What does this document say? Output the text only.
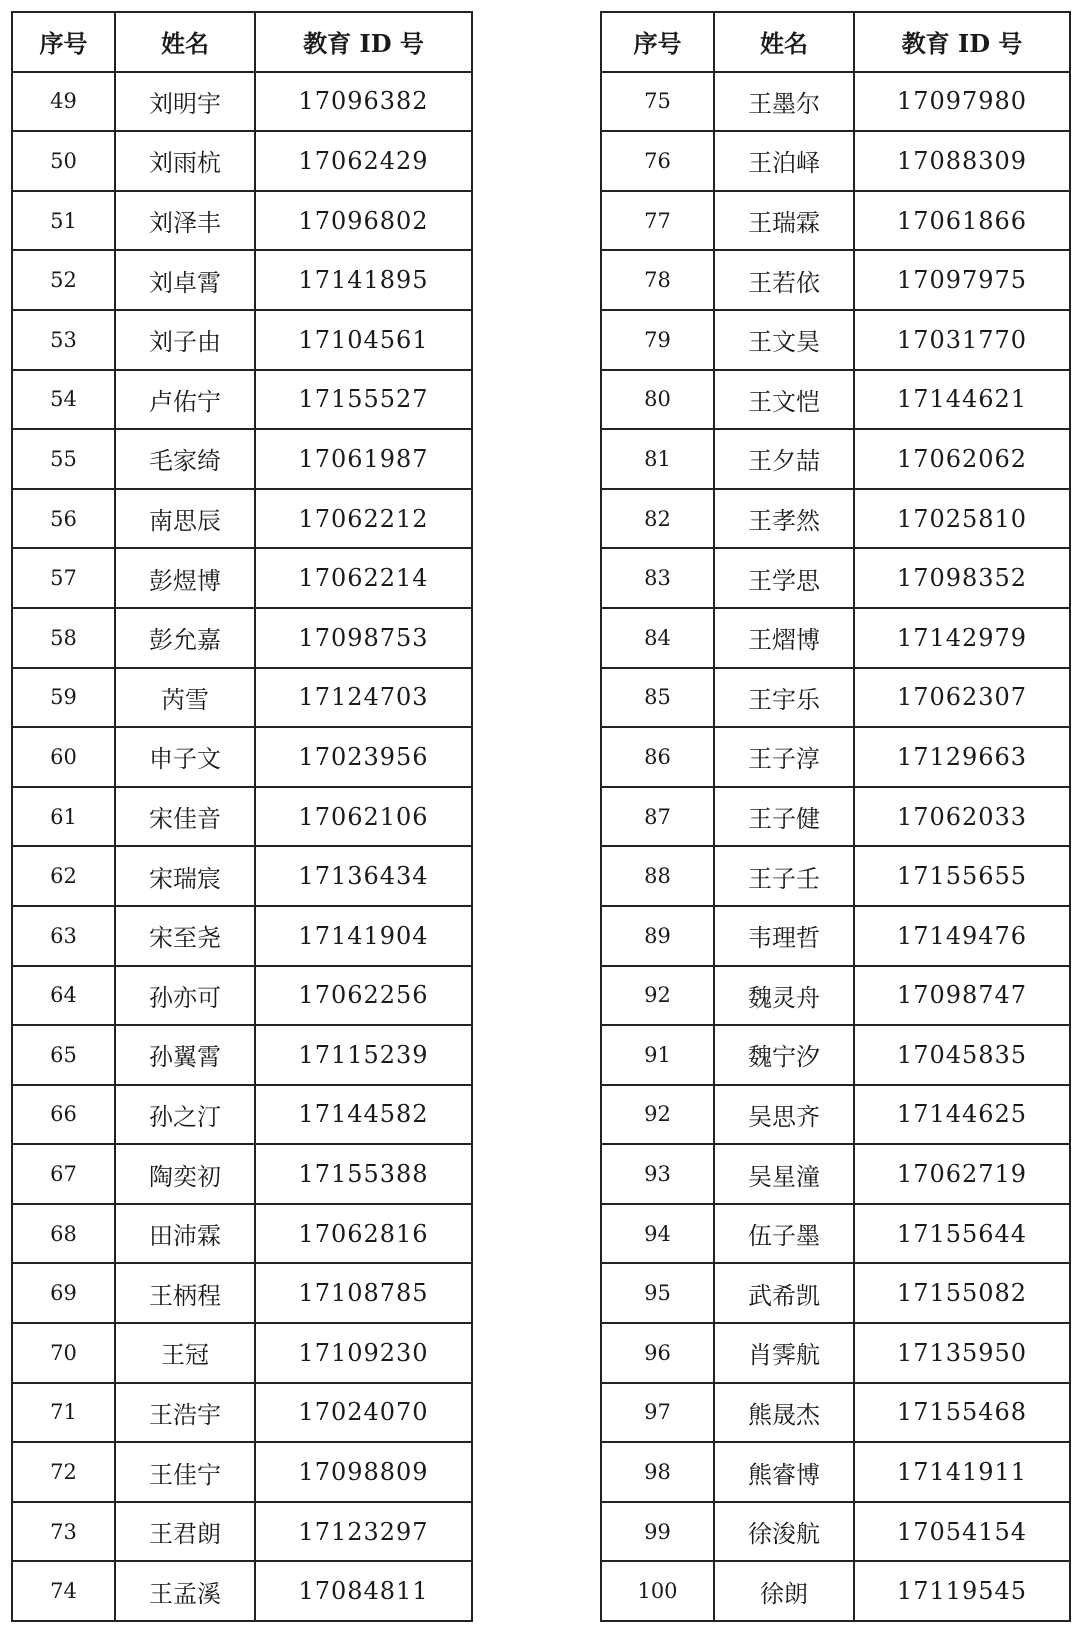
序号	姓名	教育 ID 号
49	刘明宇	17096382
50	刘雨杭	17062429
51	刘泽丰	17096802
52	刘卓霄	17141895
53	刘子由	17104561
54	卢佑宁	17155527
55	毛家绮	17061987
56	南思辰	17062212
57	彭煜博	17062214
58	彭允嘉	17098753
59	芮雪	17124703
60	申子文	17023956
61	宋佳音	17062106
62	宋瑞宸	17136434
63	宋至尧	17141904
64	孙亦可	17062256
65	孙翼霄	17115239
66	孙之汀	17144582
67	陶奕初	17155388
68	田沛霖	17062816
69	王柄程	17108785
70	王冠	17109230
71	王浩宇	17024070
72	王佳宁	17098809
73	王君朗	17123297
74	王孟溪	17084811
序号	姓名	教育 ID 号
75	王墨尔	17097980
76	王泊峄	17088309
77	王瑞霖	17061866
78	王若依	17097975
79	王文昊	17031770
80	王文恺	17144621
81	王夕喆	17062062
82	王孝然	17025810
83	王学思	17098352
84	王熠博	17142979
85	王宇乐	17062307
86	王子淳	17129663
87	王子健	17062033
88	王子壬	17155655
89	韦理哲	17149476
92	魏灵舟	17098747
91	魏宁汐	17045835
92	吴思齐	17144625
93	吴星潼	17062719
94	伍子墨	17155644
95	武希凯	17155082
96	肖霁航	17135950
97	熊晟杰	17155468
98	熊睿博	17141911
99	徐浚航	17054154
100	徐朗	17119545
